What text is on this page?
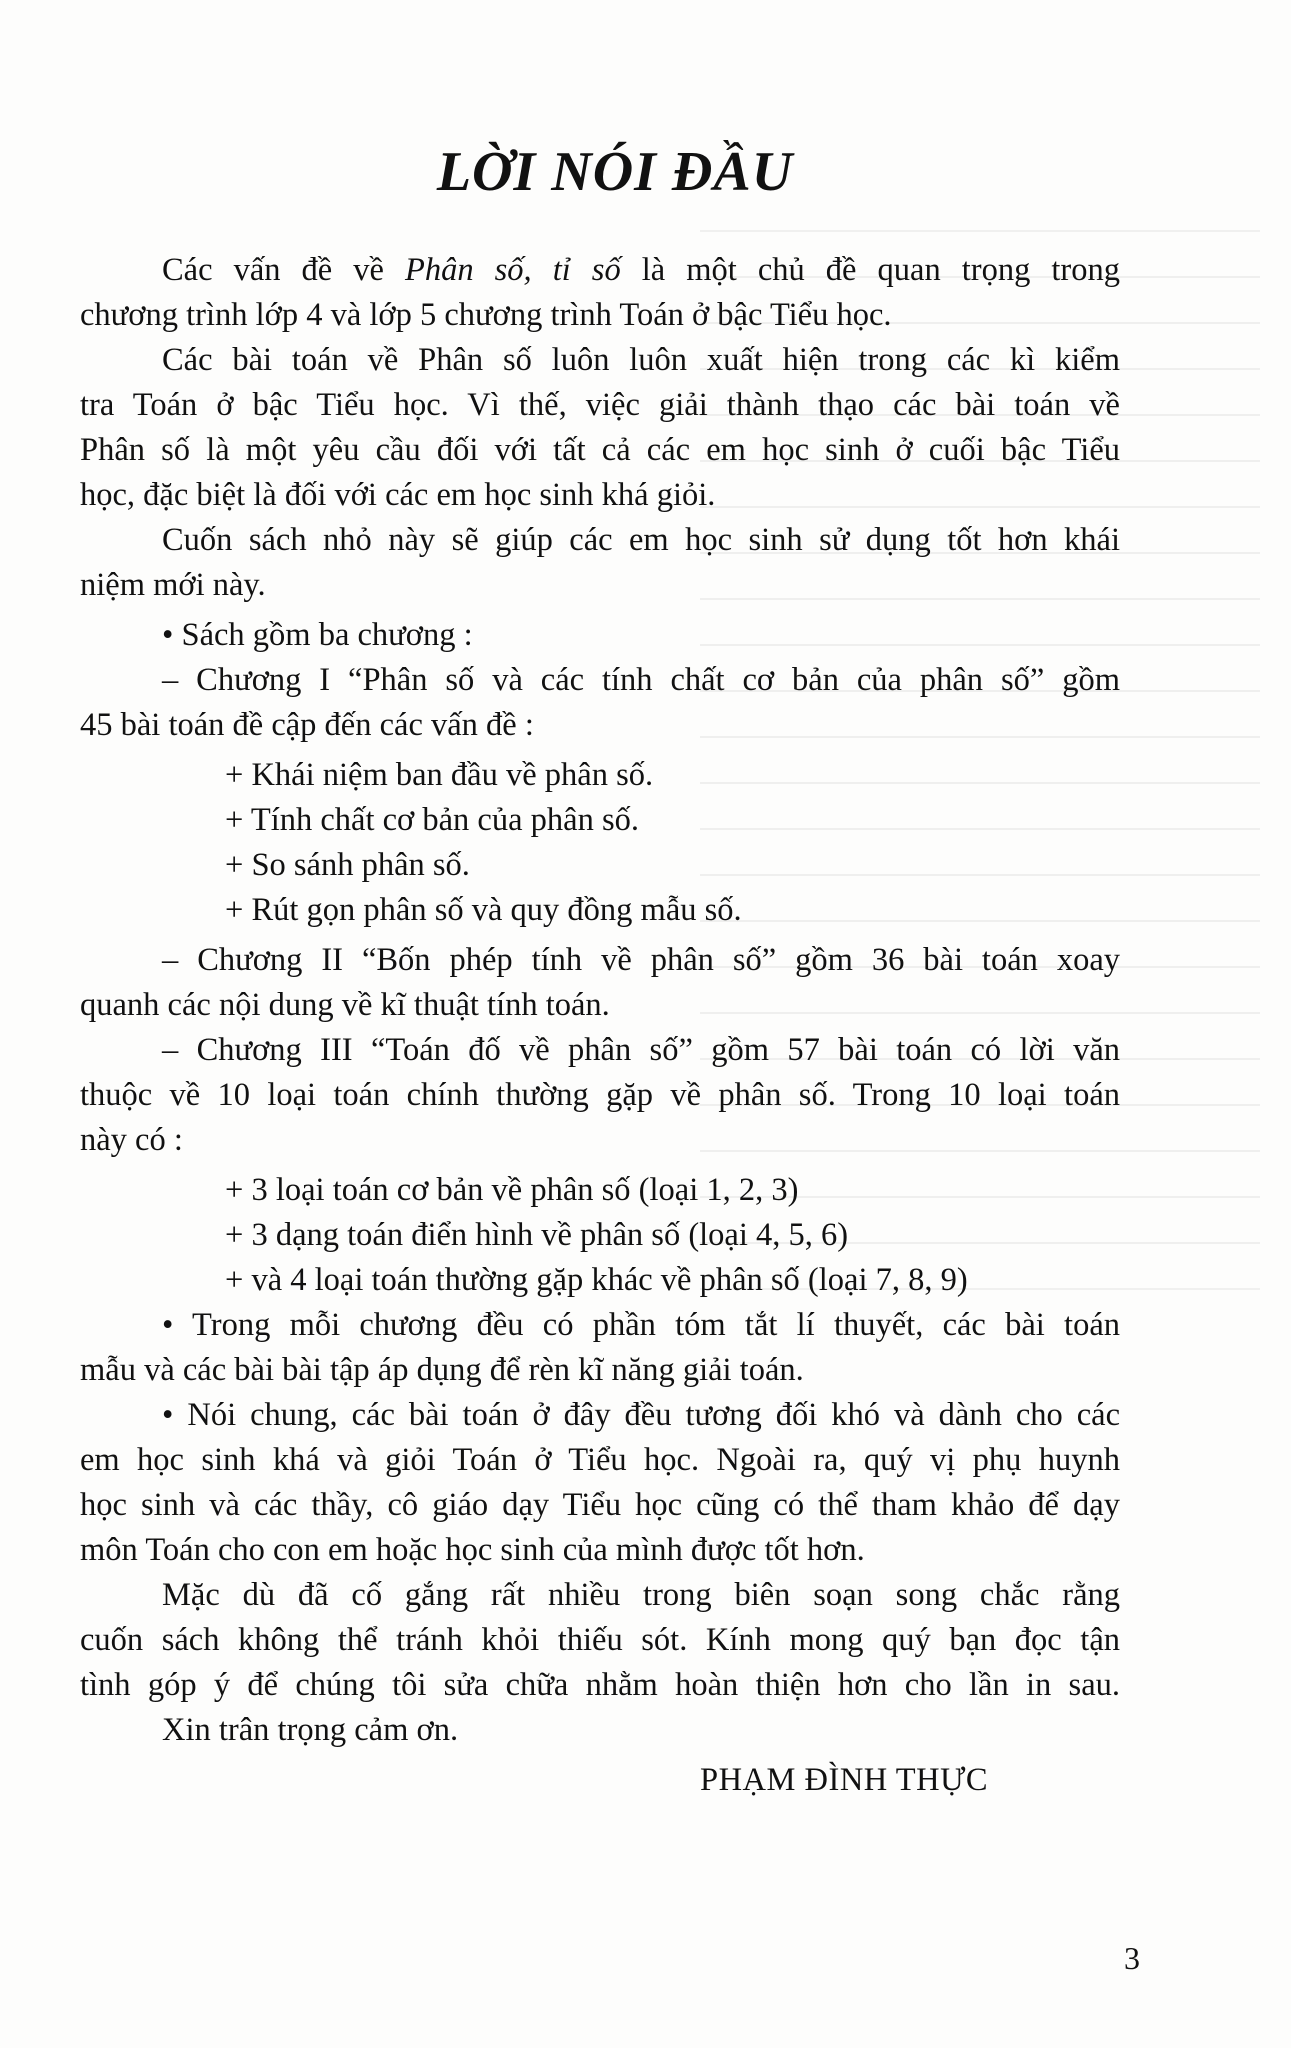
LỜI NÓI ĐẦU
Các vấn đề về Phân số, tỉ số là một chủ đề quan trọng trong
chương trình lớp 4 và lớp 5 chương trình Toán ở bậc Tiểu học.
Các bài toán về Phân số luôn luôn xuất hiện trong các kì kiểm
tra Toán ở bậc Tiểu học. Vì thế, việc giải thành thạo các bài toán về
Phân số là một yêu cầu đối với tất cả các em học sinh ở cuối bậc Tiểu
học, đặc biệt là đối với các em học sinh khá giỏi.
Cuốn sách nhỏ này sẽ giúp các em học sinh sử dụng tốt hơn khái
niệm mới này.
• Sách gồm ba chương :
– Chương I “Phân số và các tính chất cơ bản của phân số” gồm
45 bài toán đề cập đến các vấn đề :
+ Khái niệm ban đầu về phân số.
+ Tính chất cơ bản của phân số.
+ So sánh phân số.
+ Rút gọn phân số và quy đồng mẫu số.
– Chương II “Bốn phép tính về phân số” gồm 36 bài toán xoay
quanh các nội dung về kĩ thuật tính toán.
– Chương III “Toán đố về phân số” gồm 57 bài toán có lời văn
thuộc về 10 loại toán chính thường gặp về phân số. Trong 10 loại toán
này có :
+ 3 loại toán cơ bản về phân số (loại 1, 2, 3)
+ 3 dạng toán điển hình về phân số (loại 4, 5, 6)
+ và 4 loại toán thường gặp khác về phân số (loại 7, 8, 9)
• Trong mỗi chương đều có phần tóm tắt lí thuyết, các bài toán
mẫu và các bài bài tập áp dụng để rèn kĩ năng giải toán.
• Nói chung, các bài toán ở đây đều tương đối khó và dành cho các
em học sinh khá và giỏi Toán ở Tiểu học. Ngoài ra, quý vị phụ huynh
học sinh và các thầy, cô giáo dạy Tiểu học cũng có thể tham khảo để dạy
môn Toán cho con em hoặc học sinh của mình được tốt hơn.
Mặc dù đã cố gắng rất nhiều trong biên soạn song chắc rằng
cuốn sách không thể tránh khỏi thiếu sót. Kính mong quý bạn đọc tận
tình góp ý để chúng tôi sửa chữa nhằm hoàn thiện hơn cho lần in sau.
Xin trân trọng cảm ơn.
PHẠM ĐÌNH THỰC
3
